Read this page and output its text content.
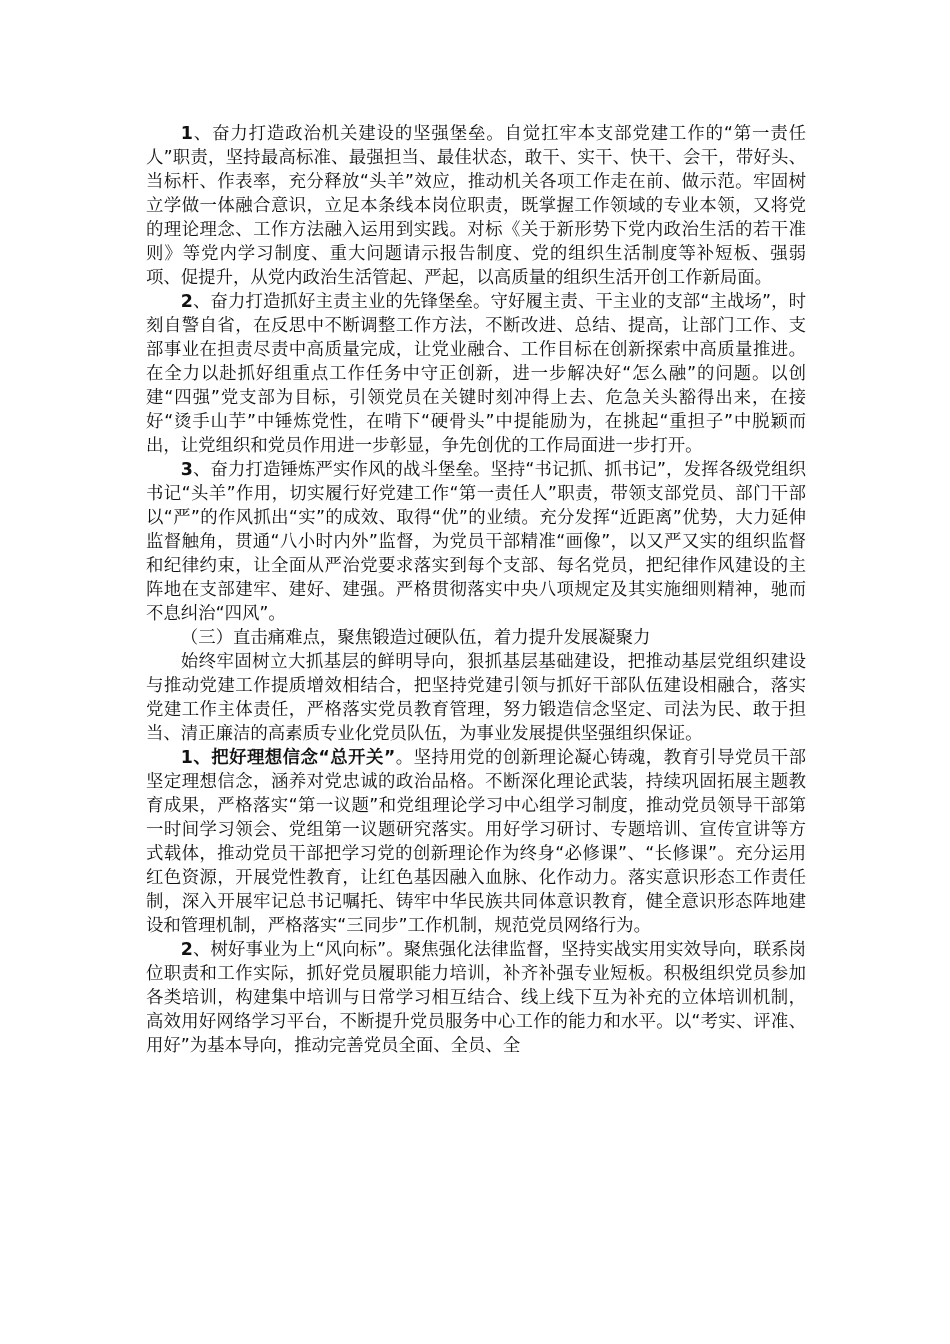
1、奋力打造政治机关建设的坚强堡垒。自觉扛牢本支部党建工作的“第一责任人”职责，坚持最高标准、最强担当、最佳状态，敢干、实干、快干、会干，带好头、当标杆、作表率，充分释放“头羊”效应，推动机关各项工作走在前、做示范。牢固树立学做一体融合意识，立足本条线本岗位职责，既掌握工作领域的专业本领，又将党的理论理念、工作方法融入运用到实践。对标《关于新形势下党内政治生活的若干准则》等党内学习制度、重大问题请示报告制度、党的组织生活制度等补短板、强弱项、促提升，从党内政治生活管起、严起，以高质量的组织生活开创工作新局面。

2、奋力打造抓好主责主业的先锋堡垒。守好履主责、干主业的支部“主战场”，时刻自警自省，在反思中不断调整工作方法，不断改进、总结、提高，让部门工作、支部事业在担责尽责中高质量完成，让党业融合、工作目标在创新探索中高质量推进。在全力以赴抓好组重点工作任务中守正创新，进一步解决好“怎么融”的问题。以创建“四强”党支部为目标，引领党员在关键时刻冲得上去、危急关头豁得出来，在接好“烫手山芋”中锤炼党性，在啃下“硬骨头”中提能励为，在挑起“重担子”中脱颖而出，让党组织和党员作用进一步彰显，争先创优的工作局面进一步打开。

3、奋力打造锤炼严实作风的战斗堡垒。坚持“书记抓、抓书记”，发挥各级党组织书记“头羊”作用，切实履行好党建工作“第一责任人”职责，带领支部党员、部门干部以“严”的作风抓出“实”的成效、取得“优”的业绩。充分发挥“近距离”优势，大力延伸监督触角，贯通“八小时内外”监督，为党员干部精准“画像”，以又严又实的组织监督和纪律约束，让全面从严治党要求落实到每个支部、每名党员，把纪律作风建设的主阵地在支部建牢、建好、建强。严格贯彻落实中央八项规定及其实施细则精神，驰而不息纠治“四风”。

（三）直击痛难点，聚焦锻造过硬队伍，着力提升发展凝聚力

始终牢固树立大抓基层的鲜明导向，狠抓基层基础建设，把推动基层党组织建设与推动党建工作提质增效相结合，把坚持党建引领与抓好干部队伍建设相融合，落实党建工作主体责任，严格落实党员教育管理，努力锻造信念坚定、司法为民、敢于担当、清正廉洁的高素质专业化党员队伍，为事业发展提供坚强组织保证。

1、把好理想信念“总开关”。坚持用党的创新理论凝心铸魂，教育引导党员干部坚定理想信念，涵养对党忠诚的政治品格。不断深化理论武装，持续巩固拓展主题教育成果，严格落实“第一议题”和党组理论学习中心组学习制度，推动党员领导干部第一时间学习领会、党组第一议题研究落实。用好学习研讨、专题培训、宣传宣讲等方式载体，推动党员干部把学习党的创新理论作为终身“必修课”、“长修课”。充分运用红色资源，开展党性教育，让红色基因融入血脉、化作动力。落实意识形态工作责任制，深入开展牢记总书记嘱托、铸牢中华民族共同体意识教育，健全意识形态阵地建设和管理机制，严格落实“三同步”工作机制，规范党员网络行为。

2、树好事业为上“风向标”。聚焦强化法律监督，坚持实战实用实效导向，联系岗位职责和工作实际，抓好党员履职能力培训，补齐补强专业短板。积极组织党员参加各类培训，构建集中培训与日常学习相互结合、线上线下互为补充的立体培训机制，高效用好网络学习平台，不断提升党员服务中心工作的能力和水平。以“考实、评准、用好”为基本导向，推动完善党员全面、全员、全
